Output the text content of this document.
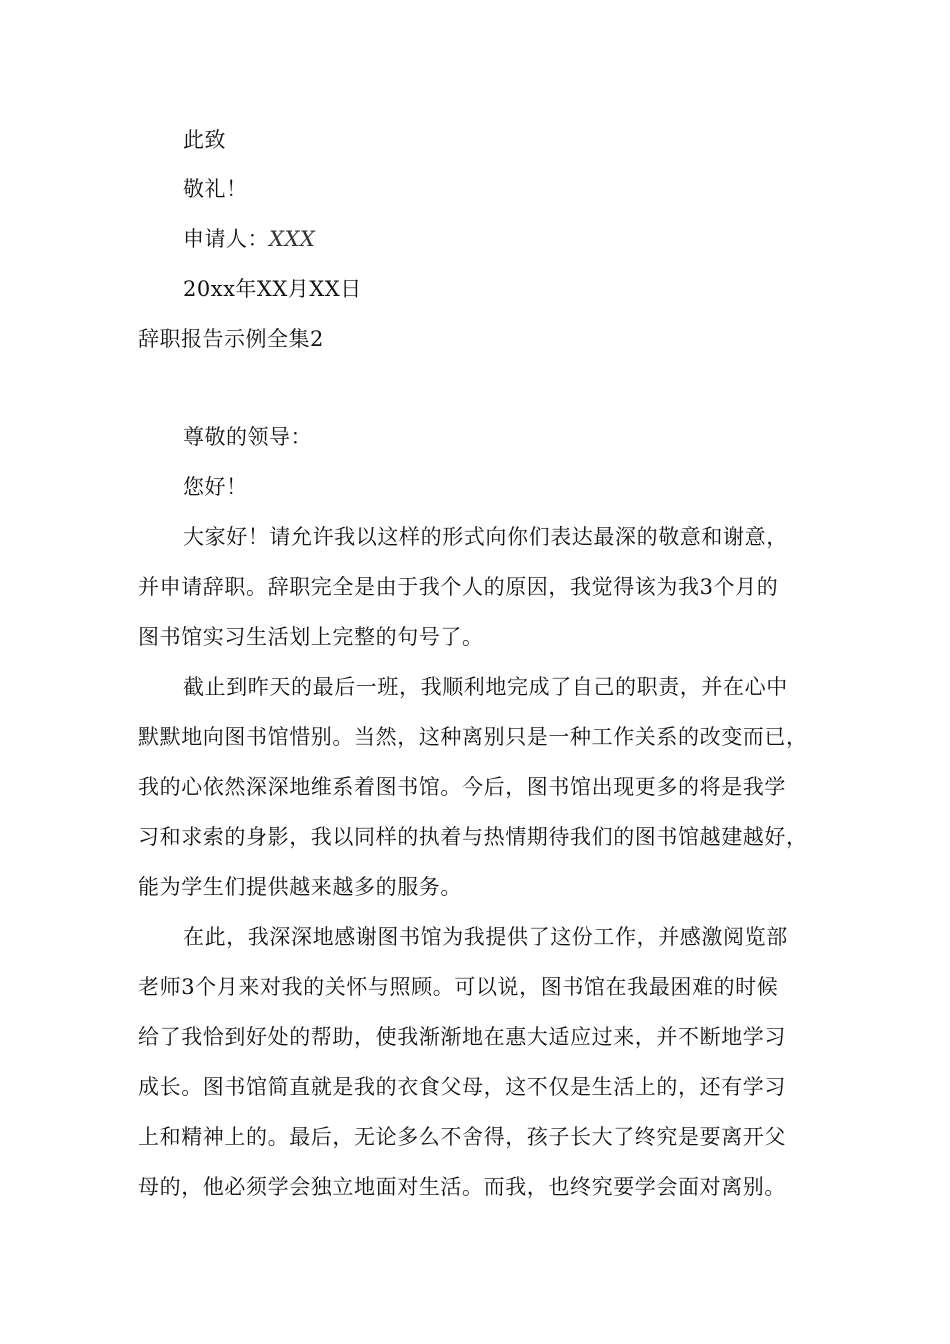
此致
敬礼！
申请人：XXX
20xx年XX月XX日
辞职报告示例全集2
尊敬的领导：
您好！
大家好！请允许我以这样的形式向你们表达最深的敬意和谢意，
并申请辞职。辞职完全是由于我个人的原因，我觉得该为我3个月的
图书馆实习生活划上完整的句号了。
截止到昨天的最后一班，我顺利地完成了自己的职责，并在心中
默默地向图书馆惜别。当然，这种离别只是一种工作关系的改变而已，
我的心依然深深地维系着图书馆。今后，图书馆出现更多的将是我学
习和求索的身影，我以同样的执着与热情期待我们的图书馆越建越好，
能为学生们提供越来越多的服务。
在此，我深深地感谢图书馆为我提供了这份工作，并感激阅览部
老师3个月来对我的关怀与照顾。可以说，图书馆在我最困难的时候
给了我恰到好处的帮助，使我渐渐地在惠大适应过来，并不断地学习
成长。图书馆简直就是我的衣食父母，这不仅是生活上的，还有学习
上和精神上的。最后，无论多么不舍得，孩子长大了终究是要离开父
母的，他必须学会独立地面对生活。而我，也终究要学会面对离别。
